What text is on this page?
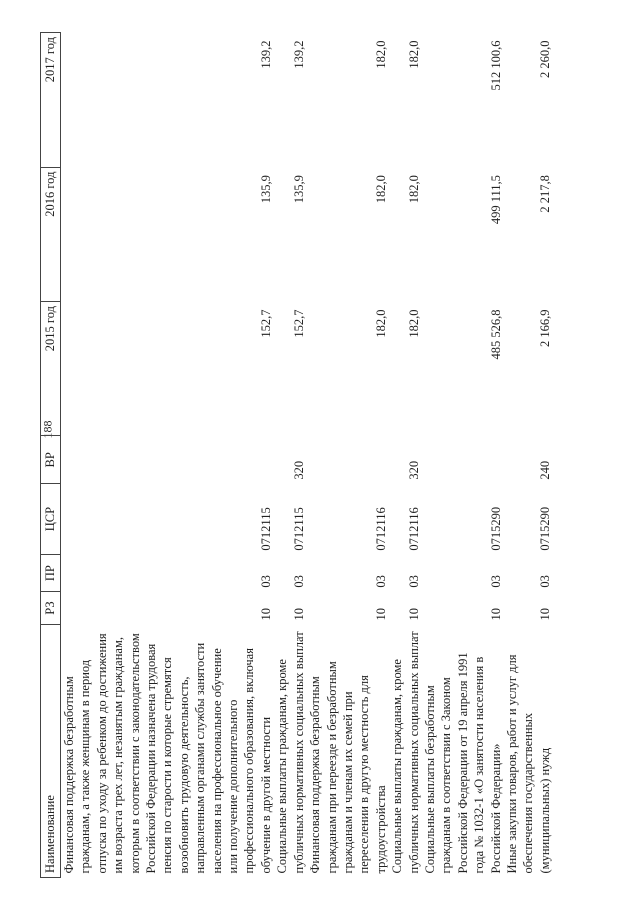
188
Наименование	РЗ	ПР	ЦСР	ВР	2015 год	2016 год	2017 год
Финансовая поддержка безработным гражданам, а также женщинам в период отпуска по уходу за ребенком до достижения им возраста трех лет, незанятым гражданам, которым в соответствии с законодательством Российской Федерации назначена трудовая пенсия по старости и которые стремятся возобновить трудовую деятельность, направленным органами службы занятости населения на профессиональное обучение или получение дополнительного профессионального образования, включая обучение в другой местности	10	03	0712115		152,7	135,9	139,2
Социальные выплаты гражданам, кроме публичных нормативных социальных выплат	10	03	0712115	320	152,7	135,9	139,2
Финансовая поддержка безработным гражданам при переезде и безработным гражданам и членам их семей при переселении в другую местность для трудоустройства	10	03	0712116		182,0	182,0	182,0
Социальные выплаты гражданам, кроме публичных нормативных социальных выплат	10	03	0712116	320	182,0	182,0	182,0
Социальные выплаты безработным гражданам в соответствии с Законом Российской Федерации от 19 апреля 1991 года № 1032-1 «О занятости населения в Российской Федерации»	10	03	0715290		485 526,8	499 111,5	512 100,6
Иные закупки товаров, работ и услуг для обеспечения государственных (муниципальных) нужд	10	03	0715290	240	2 166,9	2 217,8	2 260,0
